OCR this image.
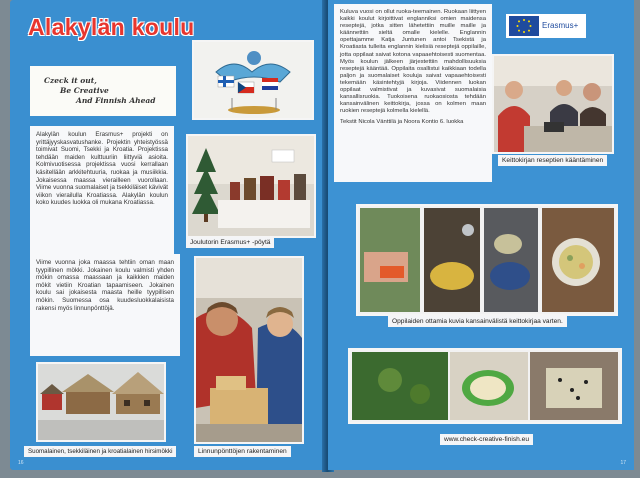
Alakylän koulu
Czeck it out,
Be Creative
And Finnish Ahead
Alakylän koulun Erasmus+ projekti on yrittäjyyskasvatushanke. Projektin yhteistyössä toimivat Suomi, Tsekki ja Kroatia. Projektissa tehdään maiden kulttuuriin liittyviä asioita. Kolmivuotisessa projektissa vuosi kerrallaan käsitellään arkkitehtuuria, ruokaa ja musiikkia. Jokaisessa maassa vierailleen vuorollaan. Viime vuonna suomalaiset ja tsekkiläiset kävivät viikon vierailulla Kroatiassa. Alakylän koulun koko kuudes luokka oli mukana Kroatiassa.
Joulutorin Erasmus+ -pöytä
Viime vuonna joka maassa tehtiin oman maan tyypillinen mökki. Jokainen koulu valmisti yhden mökin omassa maassaan ja kaikkien maiden mökit vietiin Kroatian tapaamiseen. Jokainen koulu sai jokaisesta maasta heille tyypillisen mökin. Suomessa osa kuudesluokkalaisista rakensi myös linnunpönttöjä.
Suomalainen, tsekkiläinen ja kroatialainen hirsimökki	Linnunpönttöjen rakentaminen
16
Kuluva vuosi on ollut ruoka-teemainen. Ruokaan liittyen kaikki koulut kirjoittivat englanniksi omien maidensa reseptejä, jotka sitten lähetettiin muille maille ja käännettiin sieltä omalle kielelle. Englannin opettajamme Katja Juntunen antoi Tsekistä ja Kroatiasta tulleita englannin kielisiä reseptejä oppilaille, jotta oppilaat saivat kotona vapaaehtoisesti suomentaa. Myös koulun jälkeen järjestettiin mahdollisuuksia reseptejä kääntää. Oppilaita osallistui kaikkiaan todella paljon ja suomalaiset kouluja saivat vapaaehtoisesti tekemään käsintehtyjä kirjoja. Viidennen luokan oppilaat valmistivat ja kuvasivat suomalaisia kansallisruokia. Tuokoisena ruokaosiosta tehdään kansainvälinen keittokirja, jossa on kolmen maan ruokien reseptejä kolmella kielellä.
Tekstit Nicola Vänttilä ja Noora Kontio 6. luokka
Erasmus+
Keittokirjan reseptien kääntäminen
Oppilaiden ottamia kuvia kansainvälistä keittokirjaa varten.
www.check-creative-finish.eu
17
